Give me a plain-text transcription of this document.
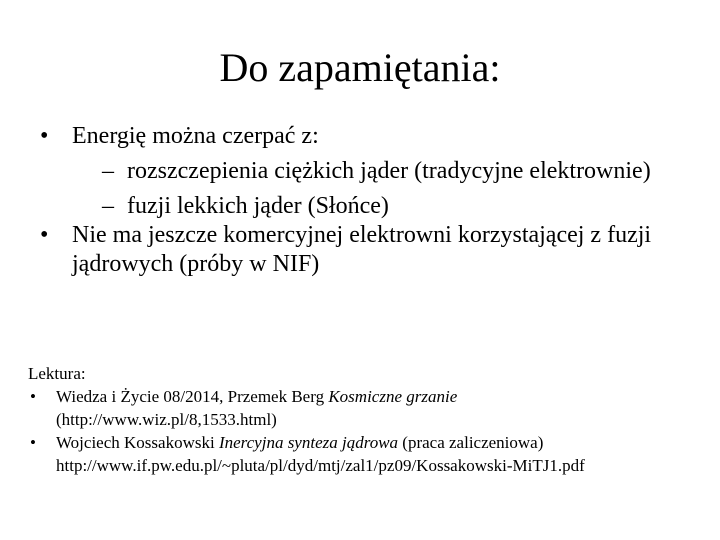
Do zapamiętania:
• Energię można czerpać z:
– rozszczepienia ciężkich jąder (tradycyjne elektrownie)
– fuzji lekkich jąder (Słońce)
• Nie ma jeszcze komercyjnej elektrowni korzystającej z fuzji jądrowych (próby w NIF)
Lektura:
• Wiedza i Życie 08/2014, Przemek Berg Kosmiczne grzanie
(http://www.wiz.pl/8,1533.html)
• Wojciech Kossakowski Inercyjna synteza jądrowa (praca zaliczeniowa)
http://www.if.pw.edu.pl/~pluta/pl/dyd/mtj/zal1/pz09/Kossakowski-MiTJ1.pdf
